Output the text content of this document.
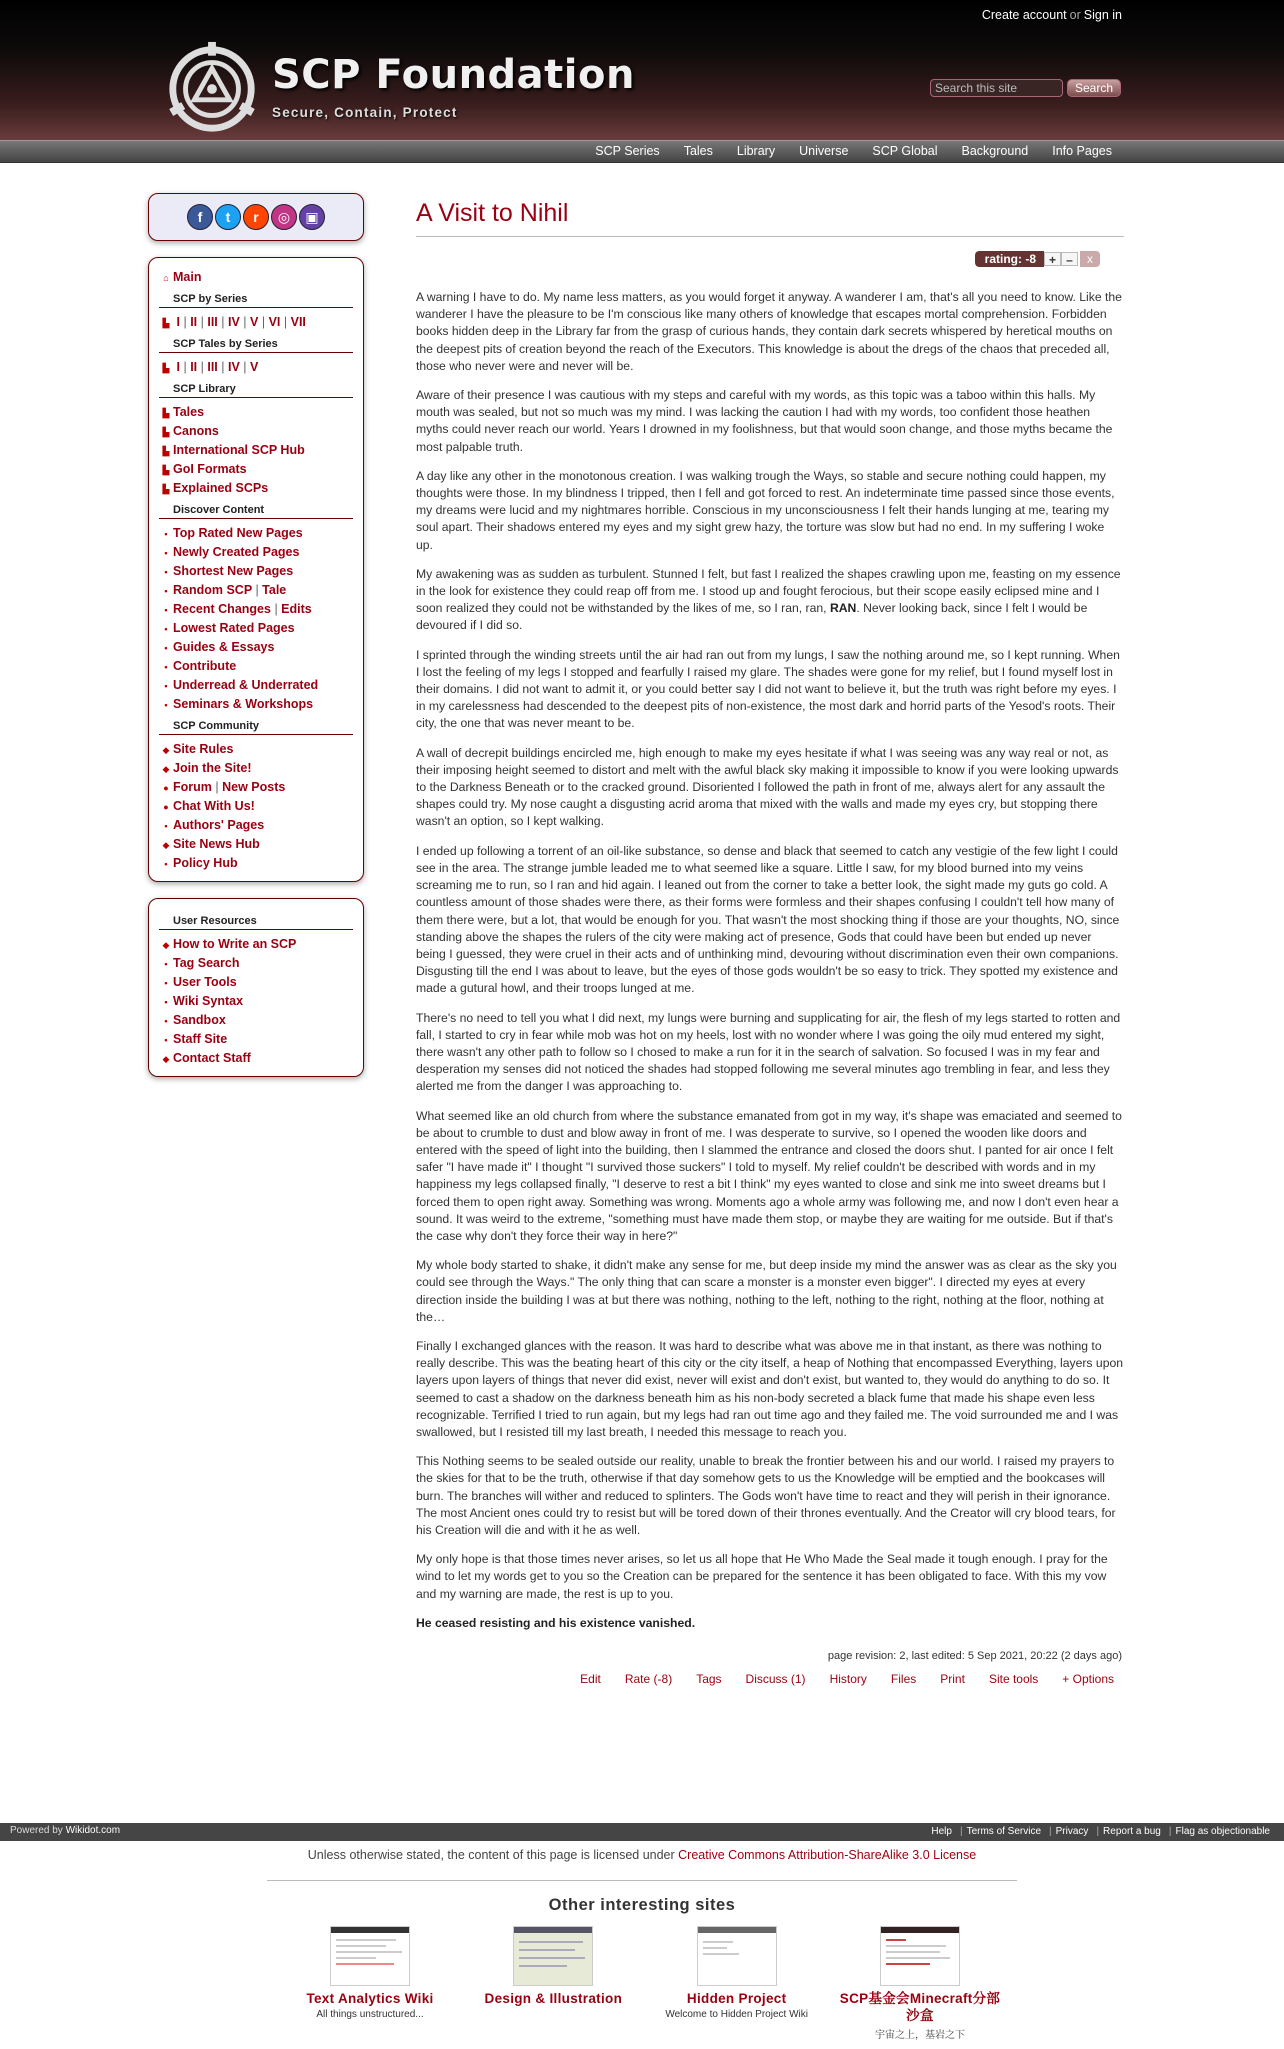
Create account or Sign in
SCP Foundation
Secure, Contain, Protect
Search this site
Search
SCP Series	Tales	Library	Universe	SCP Global	Background	Info Pages
f	t	r	◎	▣
⌂ Main
SCP by Series
▙ I | II | III | IV | V | VI | VII
SCP Tales by Series
▙ I | II | III | IV | V
SCP Library
▙ Tales
▙ Canons
▙ International SCP Hub
▙ GoI Formats
▙ Explained SCPs
Discover Content
• Top Rated New Pages
• Newly Created Pages
• Shortest New Pages
• Random SCP | Tale
• Recent Changes | Edits
• Lowest Rated Pages
• Guides & Essays
• Contribute
• Underread & Underrated
• Seminars & Workshops
SCP Community
◆ Site Rules
◆ Join the Site!
● Forum | New Posts
● Chat With Us!
• Authors' Pages
◆ Site News Hub
• Policy Hub
User Resources
◆ How to Write an SCP
• Tag Search
• User Tools
• Wiki Syntax
• Sandbox
• Staff Site
◆ Contact Staff
A Visit to Nihil
rating: -8	+ –	x

A warning I have to do. My name less matters, as you would forget it anyway. A wanderer I am, that's all you need to know. Like the wanderer I have the pleasure to be I'm conscious like many others of knowledge that escapes mortal comprehension. Forbidden books hidden deep in the Library far from the grasp of curious hands, they contain dark secrets whispered by heretical mouths on the deepest pits of creation beyond the reach of the Executors. This knowledge is about the dregs of the chaos that preceded all, those who never were and never will be.

Aware of their presence I was cautious with my steps and careful with my words, as this topic was a taboo within this halls. My mouth was sealed, but not so much was my mind. I was lacking the caution I had with my words, too confident those heathen myths could never reach our world. Years I drowned in my foolishness, but that would soon change, and those myths became the most palpable truth.

A day like any other in the monotonous creation. I was walking trough the Ways, so stable and secure nothing could happen, my thoughts were those. In my blindness I tripped, then I fell and got forced to rest. An indeterminate time passed since those events, my dreams were lucid and my nightmares horrible. Conscious in my unconsciousness I felt their hands lunging at me, tearing my soul apart. Their shadows entered my eyes and my sight grew hazy, the torture was slow but had no end. In my suffering I woke up.

My awakening was as sudden as turbulent. Stunned I felt, but fast I realized the shapes crawling upon me, feasting on my essence in the look for existence they could reap off from me. I stood up and fought ferocious, but their scope easily eclipsed mine and I soon realized they could not be withstanded by the likes of me, so I ran, ran, RAN. Never looking back, since I felt I would be devoured if I did so.

I sprinted through the winding streets until the air had ran out from my lungs, I saw the nothing around me, so I kept running. When I lost the feeling of my legs I stopped and fearfully I raised my glare. The shades were gone for my relief, but I found myself lost in their domains. I did not want to admit it, or you could better say I did not want to believe it, but the truth was right before my eyes. I in my carelessness had descended to the deepest pits of non-existence, the most dark and horrid parts of the Yesod's roots. Their city, the one that was never meant to be.

A wall of decrepit buildings encircled me, high enough to make my eyes hesitate if what I was seeing was any way real or not, as their imposing height seemed to distort and melt with the awful black sky making it impossible to know if you were looking upwards to the Darkness Beneath or to the cracked ground. Disoriented I followed the path in front of me, always alert for any assault the shapes could try. My nose caught a disgusting acrid aroma that mixed with the walls and made my eyes cry, but stopping there wasn't an option, so I kept walking.

I ended up following a torrent of an oil-like substance, so dense and black that seemed to catch any vestigie of the few light I could see in the area. The strange jumble leaded me to what seemed like a square. Little I saw, for my blood burned into my veins screaming me to run, so I ran and hid again. I leaned out from the corner to take a better look, the sight made my guts go cold. A countless amount of those shades were there, as their forms were formless and their shapes confusing I couldn't tell how many of them there were, but a lot, that would be enough for you. That wasn't the most shocking thing if those are your thoughts, NO, since standing above the shapes the rulers of the city were making act of presence, Gods that could have been but ended up never being I guessed, they were cruel in their acts and of unthinking mind, devouring without discrimination even their own companions. Disgusting till the end I was about to leave, but the eyes of those gods wouldn't be so easy to trick. They spotted my existence and made a gutural howl, and their troops lunged at me.

There's no need to tell you what I did next, my lungs were burning and supplicating for air, the flesh of my legs started to rotten and fall, I started to cry in fear while mob was hot on my heels, lost with no wonder where I was going the oily mud entered my sight, there wasn't any other path to follow so I chosed to make a run for it in the search of salvation. So focused I was in my fear and desperation my senses did not noticed the shades had stopped following me several minutes ago trembling in fear, and less they alerted me from the danger I was approaching to.

What seemed like an old church from where the substance emanated from got in my way, it's shape was emaciated and seemed to be about to crumble to dust and blow away in front of me. I was desperate to survive, so I opened the wooden like doors and entered with the speed of light into the building, then I slammed the entrance and closed the doors shut. I panted for air once I felt safer "I have made it" I thought "I survived those suckers" I told to myself. My relief couldn't be described with words and in my happiness my legs collapsed finally, "I deserve to rest a bit I think" my eyes wanted to close and sink me into sweet dreams but I forced them to open right away. Something was wrong. Moments ago a whole army was following me, and now I don't even hear a sound. It was weird to the extreme, "something must have made them stop, or maybe they are waiting for me outside. But if that's the case why don't they force their way in here?"

My whole body started to shake, it didn't make any sense for me, but deep inside my mind the answer was as clear as the sky you could see through the Ways." The only thing that can scare a monster is a monster even bigger". I directed my eyes at every direction inside the building I was at but there was nothing, nothing to the left, nothing to the right, nothing at the floor, nothing at the…

Finally I exchanged glances with the reason. It was hard to describe what was above me in that instant, as there was nothing to really describe. This was the beating heart of this city or the city itself, a heap of Nothing that encompassed Everything, layers upon layers upon layers of things that never did exist, never will exist and don't exist, but wanted to, they would do anything to do so. It seemed to cast a shadow on the darkness beneath him as his non-body secreted a black fume that made his shape even less recognizable. Terrified I tried to run again, but my legs had ran out time ago and they failed me. The void surrounded me and I was swallowed, but I resisted till my last breath, I needed this message to reach you.

This Nothing seems to be sealed outside our reality, unable to break the frontier between his and our world. I raised my prayers to the skies for that to be the truth, otherwise if that day somehow gets to us the Knowledge will be emptied and the bookcases will burn. The branches will wither and reduced to splinters. The Gods won't have time to react and they will perish in their ignorance. The most Ancient ones could try to resist but will be tored down of their thrones eventually. And the Creator will cry blood tears, for his Creation will die and with it he as well.

My only hope is that those times never arises, so let us all hope that He Who Made the Seal made it tough enough. I pray for the wind to let my words get to you so the Creation can be prepared for the sentence it has been obligated to face. With this my vow and my warning are made, the rest is up to you.

He ceased resisting and his existence vanished.

page revision: 2, last edited: 5 Sep 2021, 20:22 (2 days ago)
Edit Rate (-8) Tags Discuss (1) History Files Print Site tools + Options
Powered by Wikidot.com	Help	| Terms of Service	| Privacy	| Report a bug	| Flag as objectionable
Unless otherwise stated, the content of this page is licensed under Creative Commons Attribution-ShareAlike 3.0 License
Other interesting sites
Text Analytics Wiki
All things unstructured...
Design & Illustration	Hidden Project
Welcome to Hidden Project Wiki
SCP基金会Minecraft分部沙盒
宇宙之上，基岩之下
